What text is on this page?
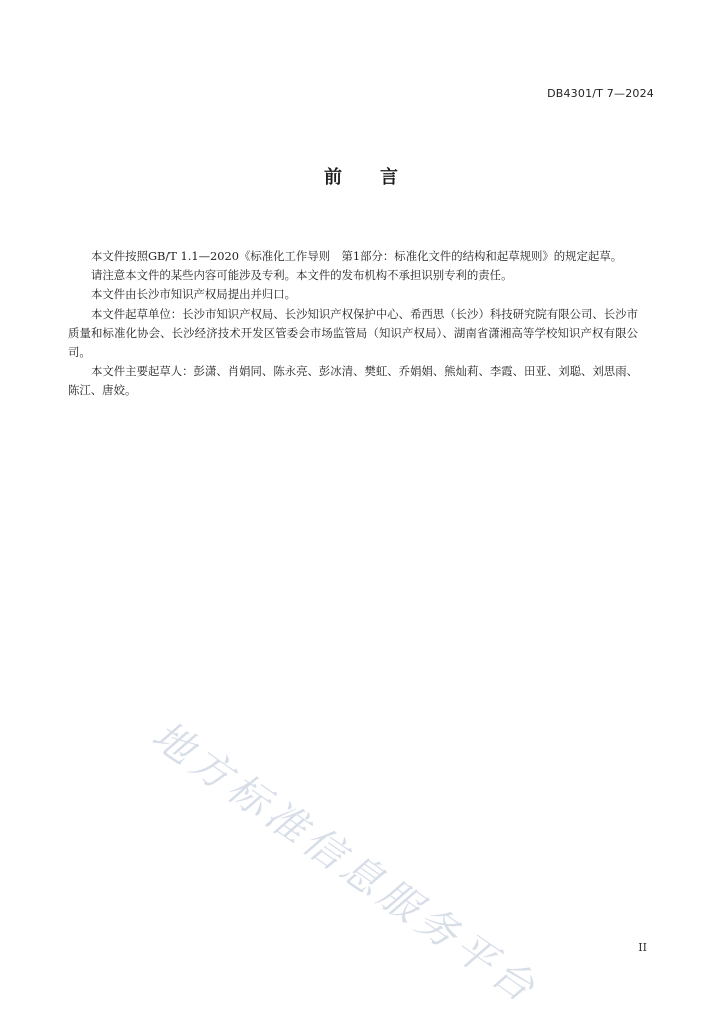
DB4301/T 7—2024
前 言

本文件按照GB/T 1.1—2020《标准化工作导则　第1部分：标准化文件的结构和起草规则》的规定起草。

请注意本文件的某些内容可能涉及专利。本文件的发布机构不承担识别专利的责任。

本文件由长沙市知识产权局提出并归口。

本文件起草单位：长沙市知识产权局、长沙知识产权保护中心、希西思（长沙）科技研究院有限公司、长沙市质量和标准化协会、长沙经济技术开发区管委会市场监管局（知识产权局）、湖南省潇湘高等学校知识产权有限公司。

本文件主要起草人：彭潇、肖娟同、陈永亮、彭冰清、樊虹、乔娟娟、熊灿莉、李霞、田亚、刘聪、刘思雨、陈江、唐姣。

地方标准信息服务平台	II
